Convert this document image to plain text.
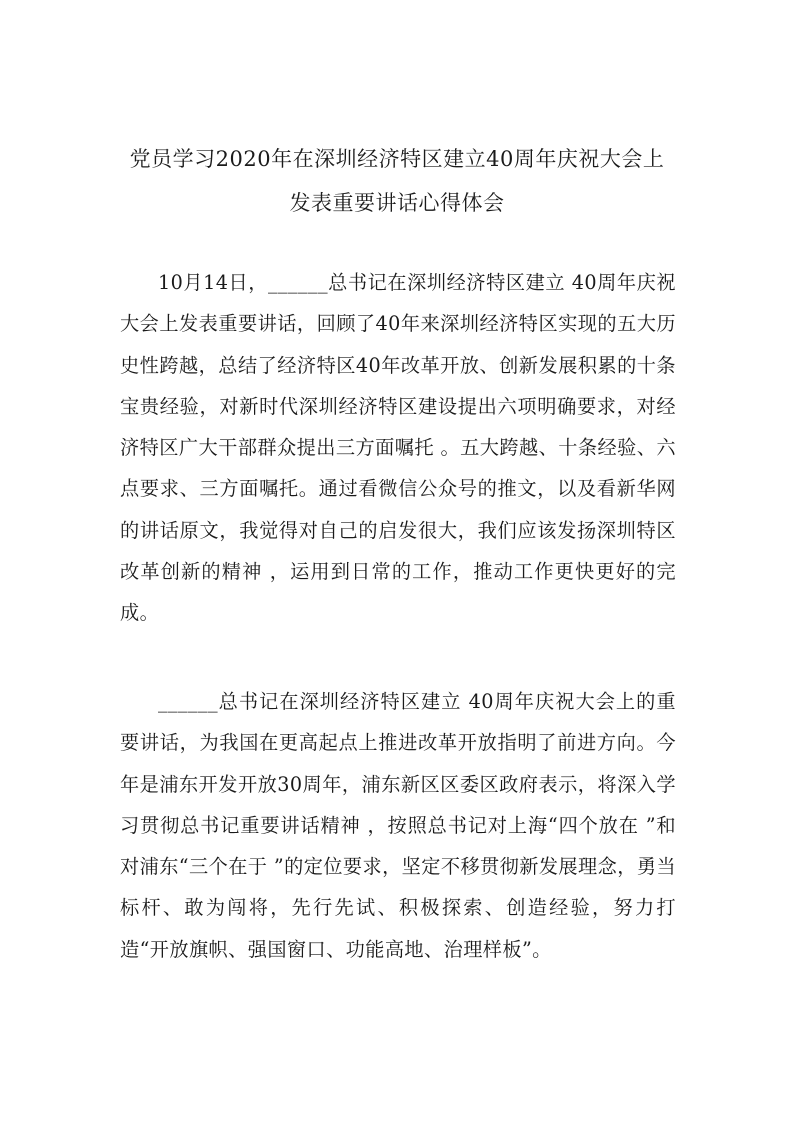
党员学习2020年在深圳经济特区建立40周年庆祝大会上
发表重要讲话心得体会

10月14日，______总书记在深圳经济特区建立 40周年庆祝大会上发表重要讲话，回顾了40年来深圳经济特区实现的五大历史性跨越，总结了经济特区40年改革开放、创新发展积累的十条宝贵经验，对新时代深圳经济特区建设提出六项明确要求，对经济特区广大干部群众提出三方面嘱托 。五大跨越、十条经验、六点要求、三方面嘱托。通过看微信公众号的推文，以及看新华网的讲话原文，我觉得对自己的启发很大，我们应该发扬深圳特区改革创新的精神 ，运用到日常的工作，推动工作更快更好的完成。

______总书记在深圳经济特区建立 40周年庆祝大会上的重要讲话，为我国在更高起点上推进改革开放指明了前进方向。今年是浦东开发开放30周年，浦东新区区委区政府表示，将深入学习贯彻总书记重要讲话精神 ，按照总书记对上海“四个放在 ”和对浦东“三个在于 ”的定位要求，坚定不移贯彻新发展理念，勇当标杆、敢为闯将，先行先试、积极探索、创造经验，努力打造“开放旗帜、强国窗口、功能高地、治理样板”。
